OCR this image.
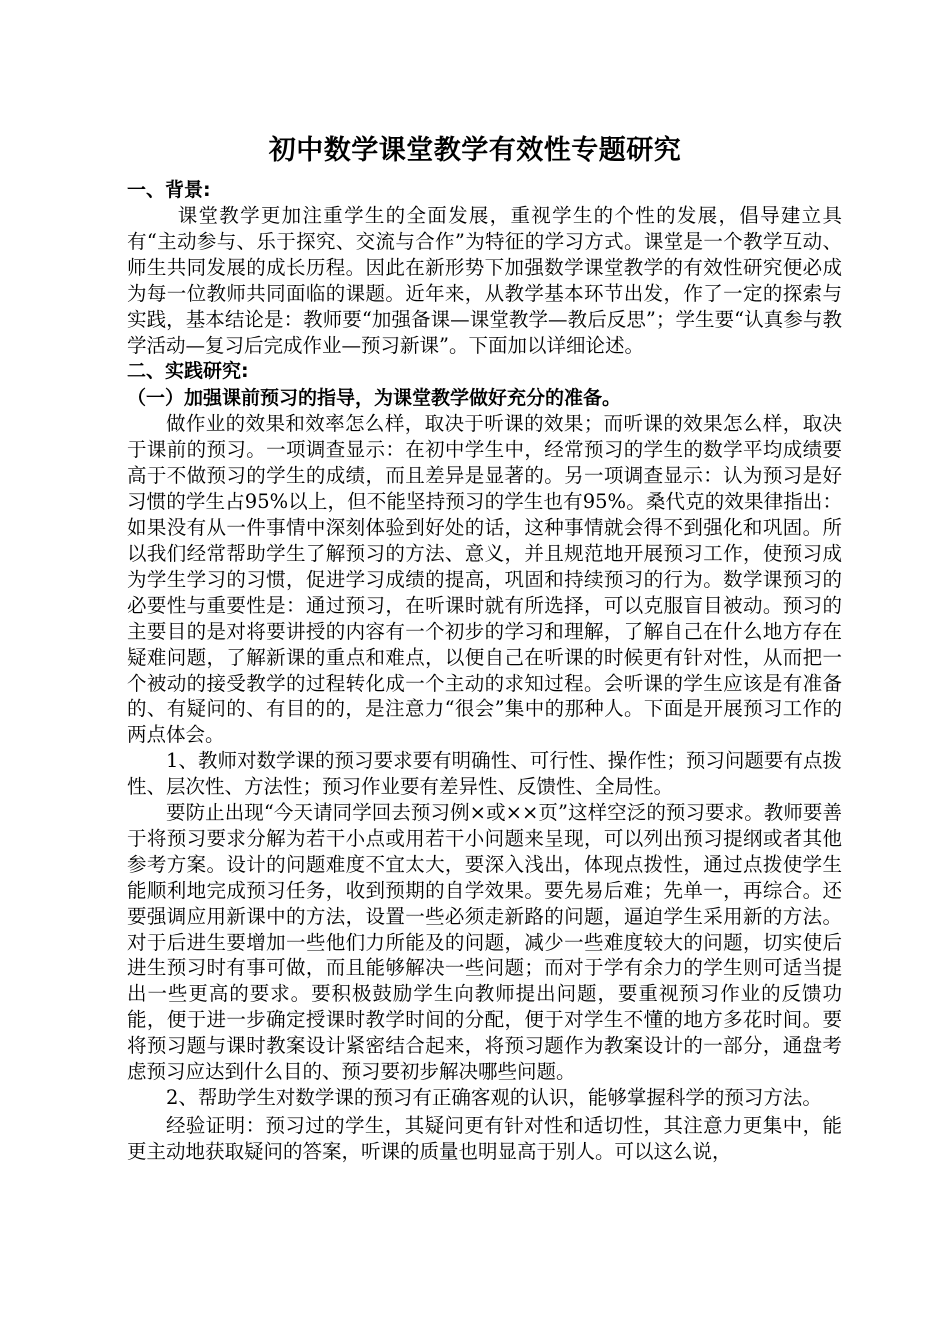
初中数学课堂教学有效性专题研究

一、背景:

课堂教学更加注重学生的全面发展，重视学生的个性的发展，倡导建立具有“主动参与、乐于探究、交流与合作”为特征的学习方式。课堂是一个教学互动、师生共同发展的成长历程。因此在新形势下加强数学课堂教学的有效性研究便必成为每一位教师共同面临的课题。近年来，从教学基本环节出发，作了一定的探索与实践，基本结论是：教师要“加强备课—课堂教学—教后反思”；学生要“认真参与教学活动—复习后完成作业—预习新课”。下面加以详细论述。

二、实践研究:

（一）加强课前预习的指导，为课堂教学做好充分的准备。

做作业的效果和效率怎么样，取决于听课的效果；而听课的效果怎么样，取决于课前的预习。一项调查显示：在初中学生中，经常预习的学生的数学平均成绩要高于不做预习的学生的成绩，而且差异是显著的。另一项调查显示：认为预习是好习惯的学生占95%以上，但不能坚持预习的学生也有95%。桑代克的效果律指出：如果没有从一件事情中深刻体验到好处的话，这种事情就会得不到强化和巩固。所以我们经常帮助学生了解预习的方法、意义，并且规范地开展预习工作，使预习成为学生学习的习惯，促进学习成绩的提高，巩固和持续预习的行为。数学课预习的必要性与重要性是：通过预习，在听课时就有所选择，可以克服盲目被动。预习的主要目的是对将要讲授的内容有一个初步的学习和理解，了解自己在什么地方存在疑难问题，了解新课的重点和难点，以便自己在听课的时候更有针对性，从而把一个被动的接受教学的过程转化成一个主动的求知过程。会听课的学生应该是有准备的、有疑问的、有目的的，是注意力“很会”集中的那种人。下面是开展预习工作的两点体会。

1、教师对数学课的预习要求要有明确性、可行性、操作性；预习问题要有点拨性、层次性、方法性；预习作业要有差异性、反馈性、全局性。

要防止出现“今天请同学回去预习例×或××页”这样空泛的预习要求。教师要善于将预习要求分解为若干小点或用若干小问题来呈现，可以列出预习提纲或者其他参考方案。设计的问题难度不宜太大，要深入浅出，体现点拨性，通过点拨使学生能顺利地完成预习任务，收到预期的自学效果。要先易后难；先单一，再综合。还要强调应用新课中的方法，设置一些必须走新路的问题，逼迫学生采用新的方法。对于后进生要增加一些他们力所能及的问题，减少一些难度较大的问题，切实使后进生预习时有事可做，而且能够解决一些问题；而对于学有余力的学生则可适当提出一些更高的要求。要积极鼓励学生向教师提出问题，要重视预习作业的反馈功能，便于进一步确定授课时教学时间的分配，便于对学生不懂的地方多花时间。要将预习题与课时教案设计紧密结合起来，将预习题作为教案设计的一部分，通盘考虑预习应达到什么目的、预习要初步解决哪些问题。

2、帮助学生对数学课的预习有正确客观的认识，能够掌握科学的预习方法。

经验证明：预习过的学生，其疑问更有针对性和适切性，其注意力更集中，能更主动地获取疑问的答案，听课的质量也明显高于别人。可以这么说，
